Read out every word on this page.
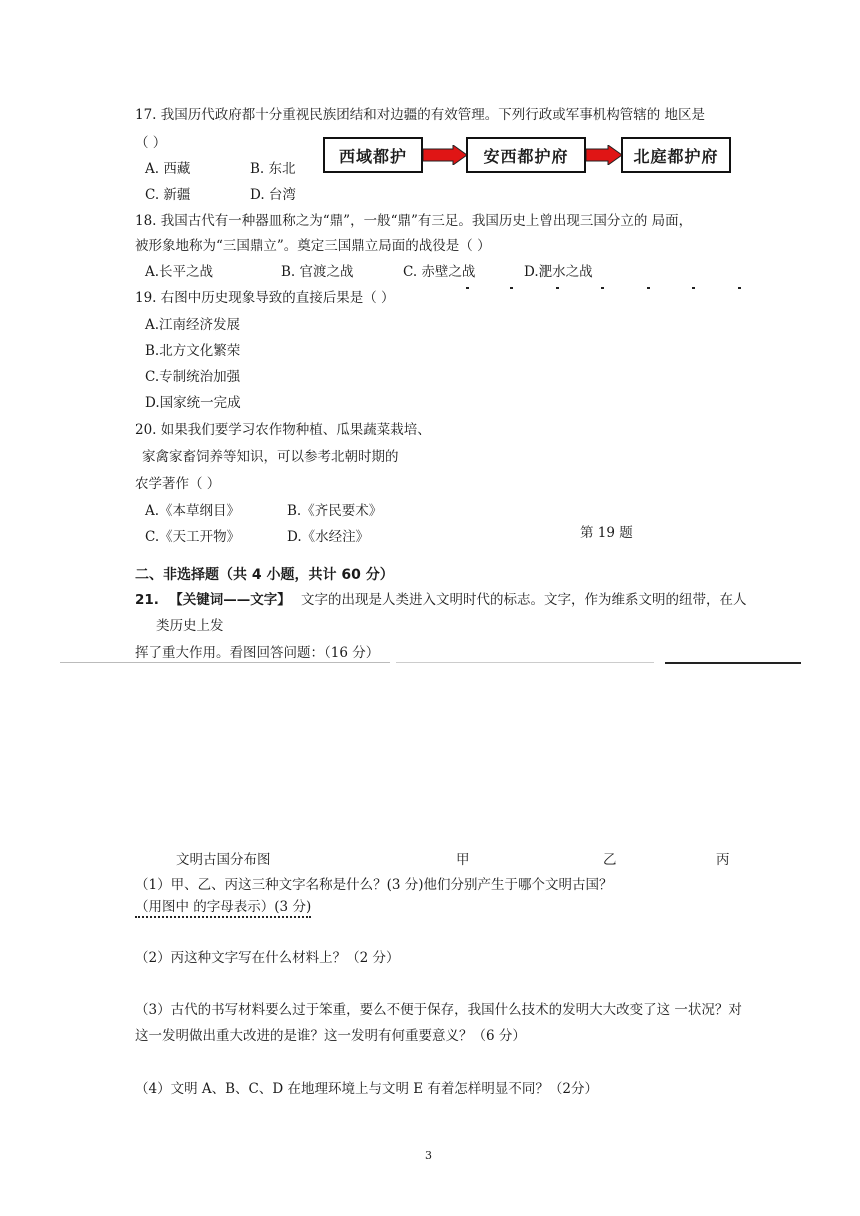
17. 我国历代政府都十分重视民族团结和对边疆的有效管理。下列行政或军事机构管辖的 地区是
（ ）
A. 西藏	B. 东北
C. 新疆	D. 台湾
西域都护	安西都护府	北庭都护府
18. 我国古代有一种器皿称之为“鼎”，一般“鼎”有三足。我国历史上曾出现三国分立的 局面，
被形象地称为“三国鼎立”。奠定三国鼎立局面的战役是（ ）
A.长平之战	B. 官渡之战	C. 赤壁之战	D.淝水之战
19. 右图中历史现象导致的直接后果是（ ）
A.江南经济发展
B.北方文化繁荣
C.专制统治加强
D.国家统一完成
20. 如果我们要学习农作物种植、瓜果蔬菜栽培、
家禽家畜饲养等知识，可以参考北朝时期的
农学著作（ ）
A.《本草纲目》	B.《齐民要术》
C.《天工开物》	D.《水经注》	第 19 题
二、非选择题（共 4 小题，共计 60 分）
21. 【关键词——文字】 文字的出现是人类进入文明时代的标志。文字，作为维系文明的纽带，在人
类历史上发
挥了重大作用。看图回答问题：（16 分）
文明古国分布图	甲	乙	丙
（1）甲、乙、丙这三种文字名称是什么？(3 分)他们分别产生于哪个文明古国？
（用图中 的字母表示）(3 分)
（2）丙这种文字写在什么材料上？（2 分）
（3）古代的书写材料要么过于笨重，要么不便于保存，我国什么技术的发明大大改变了这 一状况？对
这一发明做出重大改进的是谁？这一发明有何重要意义？（6 分）
（4）文明 A、B、C、D 在地理环境上与文明 E 有着怎样明显不同？（2分）
3
